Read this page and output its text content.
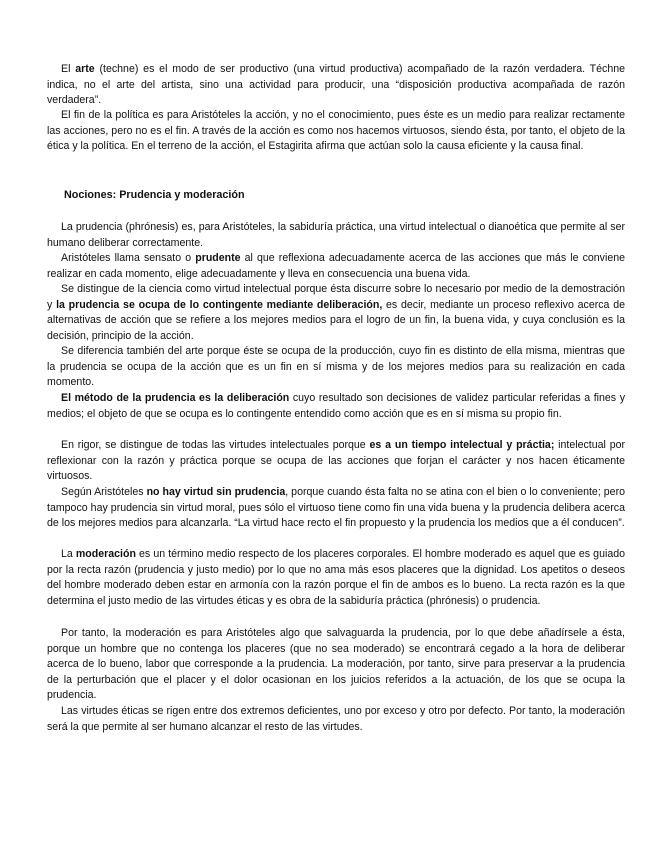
El arte (techne) es el modo de ser productivo (una virtud productiva) acompañado de la razón verdadera. Téchne indica, no el arte del artista, sino una actividad para producir, una “disposición productiva acompañada de razón verdadera”.

El fin de la política es para Aristóteles la acción, y no el conocimiento, pues éste es un medio para realizar rectamente las acciones, pero no es el fin. A través de la acción es como nos hacemos virtuosos, siendo ésta, por tanto, el objeto de la ética y la política. En el terreno de la acción, el Estagirita afirma que actúan solo la causa eficiente y la causa final.

Nociones: Prudencia y moderación

La prudencia (phrónesis) es, para Aristóteles, la sabiduría práctica, una virtud intelectual o dianoética que permite al ser humano deliberar correctamente.

Aristóteles llama sensato o prudente al que reflexiona adecuadamente acerca de las acciones que más le conviene realizar en cada momento, elige adecuadamente y lleva en consecuencia una buena vida.

Se distingue de la ciencia como virtud intelectual porque ésta discurre sobre lo necesario por medio de la demostración y la prudencia se ocupa de lo contingente mediante deliberación, es decir, mediante un proceso reflexivo acerca de alternativas de acción que se refiere a los mejores medios para el logro de un fin, la buena vida, y cuya conclusión es la decisión, principio de la acción.

Se diferencia también del arte porque éste se ocupa de la producción, cuyo fin es distinto de ella misma, mientras que la prudencia se ocupa de la acción que es un fin en sí misma y de los mejores medios para su realización en cada momento.

El método de la prudencia es la deliberación cuyo resultado son decisiones de validez particular referidas a fines y medios; el objeto de que se ocupa es lo contingente entendido como acción que es en sí misma su propio fin.

En rigor, se distingue de todas las virtudes intelectuales porque es a un tiempo intelectual y práctia; intelectual por reflexionar con la razón y práctica porque se ocupa de las acciones que forjan el carácter y nos hacen éticamente virtuosos.

Según Aristóteles no hay virtud sin prudencia, porque cuando ésta falta no se atina con el bien o lo conveniente; pero tampoco hay prudencia sin virtud moral, pues sólo el virtuoso tiene como fin una vida buena y la prudencia delibera acerca de los mejores medios para alcanzarla. “La virtud hace recto el fin propuesto y la prudencia los medios que a él conducen”.

La moderación es un término medio respecto de los placeres corporales. El hombre moderado es aquel que es guiado por la recta razón (prudencia y justo medio) por lo que no ama más esos placeres que la dignidad. Los apetitos o deseos del hombre moderado deben estar en armonía con la razón porque el fin de ambos es lo bueno. La recta razón es la que determina el justo medio de las virtudes éticas y es obra de la sabiduría práctica (phrónesis) o prudencia.

Por tanto, la moderación es para Aristóteles algo que salvaguarda la prudencia, por lo que debe añadírsele a ésta, porque un hombre que no contenga los placeres (que no sea moderado) se encontrará cegado a la hora de deliberar acerca de lo bueno, labor que corresponde a la prudencia. La moderación, por tanto, sirve para preservar a la prudencia de la perturbación que el placer y el dolor ocasionan en los juicios referidos a la actuación, de los que se ocupa la prudencia.

Las virtudes éticas se rigen entre dos extremos deficientes, uno por exceso y otro por defecto. Por tanto, la moderación será la que permite al ser humano alcanzar el resto de las virtudes.
